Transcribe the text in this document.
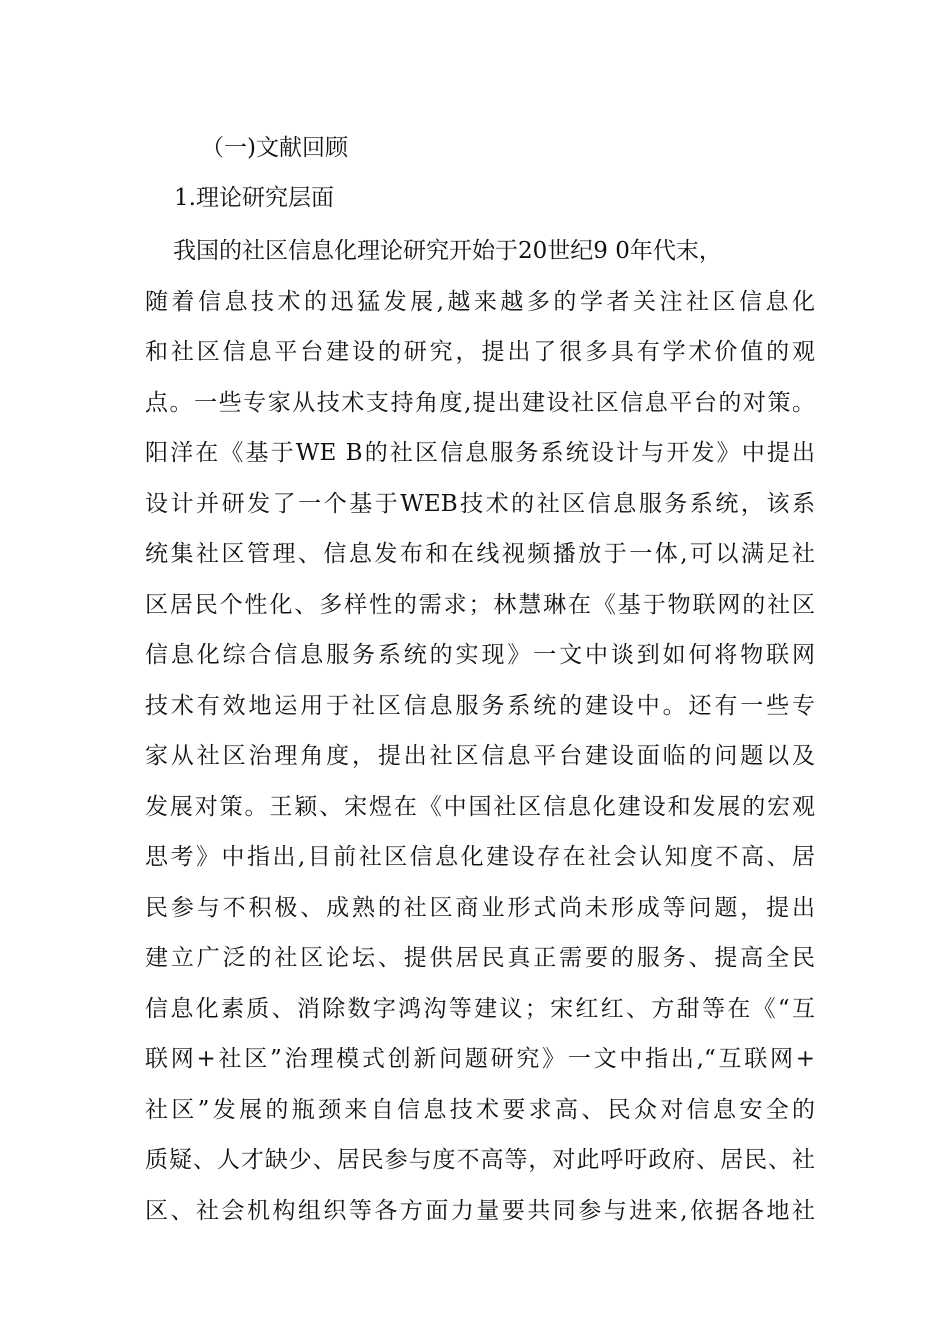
（一)文献回顾
1.理论研究层面
我国的社区信息化理论研究开始于20世纪9 0年代末，
随着信息技术的迅猛发展,越来越多的学者关注社区信息化
和社区信息平台建设的研究，提出了很多具有学术价值的观
点。一些专家从技术支持角度,提出建设社区信息平台的对策。
阳洋在《基于WE B的社区信息服务系统设计与开发》中提出
设计并研发了一个基于WEB技术的社区信息服务系统，该系
统集社区管理、信息发布和在线视频播放于一体,可以满足社
区居民个性化、多样性的需求；林慧琳在《基于物联网的社区
信息化综合信息服务系统的实现》一文中谈到如何将物联网
技术有效地运用于社区信息服务系统的建设中。还有一些专
家从社区治理角度，提出社区信息平台建设面临的问题以及
发展对策。王颖、宋煜在《中国社区信息化建设和发展的宏观
思考》中指出,目前社区信息化建设存在社会认知度不高、居
民参与不积极、成熟的社区商业形式尚未形成等问题，提出
建立广泛的社区论坛、提供居民真正需要的服务、提高全民
信息化素质、消除数字鸿沟等建议；宋红红、方甜等在《“互
联网+社区”治理模式创新问题研究》一文中指出,“互联网+
社区”发展的瓶颈来自信息技术要求高、民众对信息安全的
质疑、人才缺少、居民参与度不高等，对此呼吁政府、居民、社
区、社会机构组织等各方面力量要共同参与进来,依据各地社
